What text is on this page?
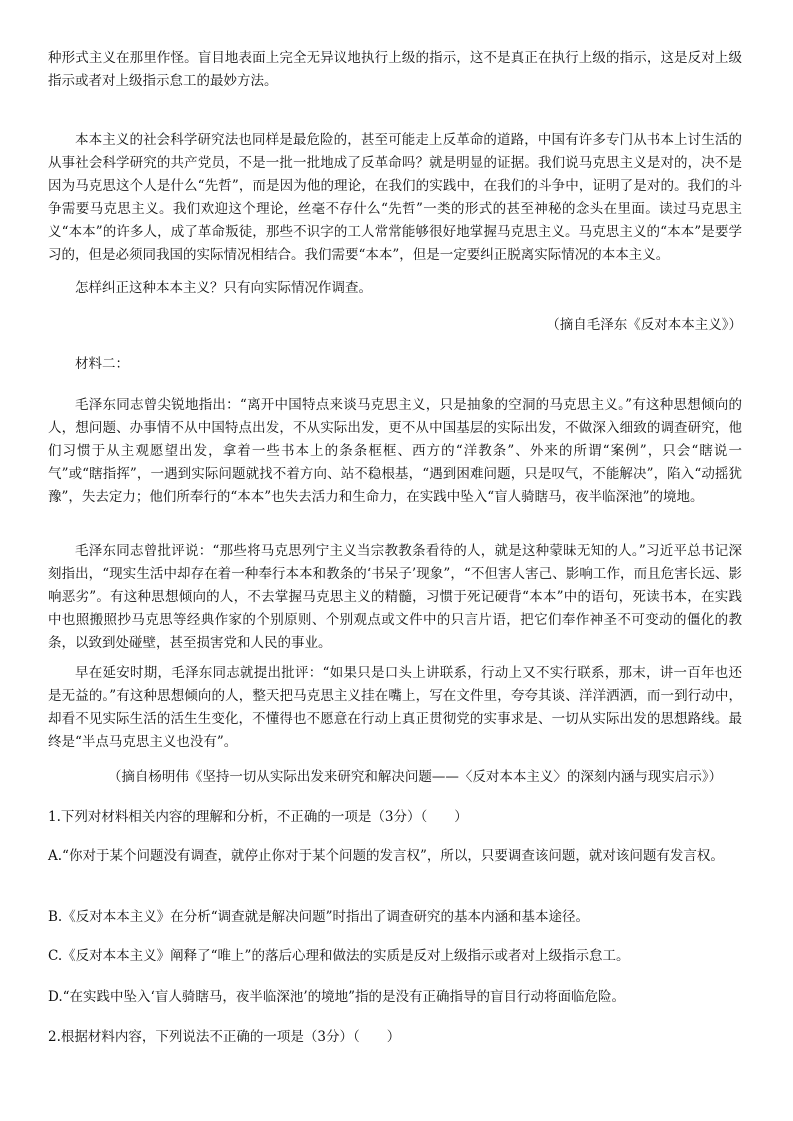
种形式主义在那里作怪。盲目地表面上完全无异议地执行上级的指示，这不是真正在执行上级的指示，这是反对上级指示或者对上级指示怠工的最妙方法。

本本主义的社会科学研究法也同样是最危险的，甚至可能走上反革命的道路，中国有许多专门从书本上讨生活的从事社会科学研究的共产党员，不是一批一批地成了反革命吗？就是明显的证据。我们说马克思主义是对的，决不是因为马克思这个人是什么“先哲”，而是因为他的理论，在我们的实践中，在我们的斗争中，证明了是对的。我们的斗争需要马克思主义。我们欢迎这个理论，丝毫不存什么“先哲”一类的形式的甚至神秘的念头在里面。读过马克思主义“本本”的许多人，成了革命叛徒，那些不识字的工人常常能够很好地掌握马克思主义。马克思主义的“本本”是要学习的，但是必须同我国的实际情况相结合。我们需要“本本”，但是一定要纠正脱离实际情况的本本主义。

怎样纠正这种本本主义？只有向实际情况作调查。

（摘自毛泽东《反对本本主义》）

材料二：

毛泽东同志曾尖锐地指出：“离开中国特点来谈马克思主义，只是抽象的空洞的马克思主义。”有这种思想倾向的人，想问题、办事情不从中国特点出发，不从实际出发，更不从中国基层的实际出发，不做深入细致的调查研究，他们习惯于从主观愿望出发，拿着一些书本上的条条框框、西方的“洋教条”、外来的所谓“案例”，只会“瞎说一气”或“瞎指挥”，一遇到实际问题就找不着方向、站不稳根基，“遇到困难问题，只是叹气，不能解决”，陷入“动摇犹豫”，失去定力；他们所奉行的“本本”也失去活力和生命力，在实践中坠入“盲人骑瞎马，夜半临深池”的境地。

毛泽东同志曾批评说：“那些将马克思列宁主义当宗教教条看待的人，就是这种蒙昧无知的人。”习近平总书记深刻指出，“现实生活中却存在着一种奉行本本和教条的‘书呆子’现象”，“不但害人害己、影响工作，而且危害长远、影响恶劣”。有这种思想倾向的人，不去掌握马克思主义的精髓，习惯于死记硬背“本本”中的语句，死读书本，在实践中也照搬照抄马克思等经典作家的个别原则、个别观点或文件中的只言片语，把它们奉作神圣不可变动的僵化的教条，以致到处碰壁，甚至损害党和人民的事业。

早在延安时期，毛泽东同志就提出批评：“如果只是口头上讲联系，行动上又不实行联系，那末，讲一百年也还是无益的。”有这种思想倾向的人，整天把马克思主义挂在嘴上，写在文件里，夸夸其谈、洋洋洒洒，而一到行动中，却看不见实际生活的活生生变化，不懂得也不愿意在行动上真正贯彻党的实事求是、一切从实际出发的思想路线。最终是“半点马克思主义也没有”。

（摘自杨明伟《坚持一切从实际出发来研究和解决问题——〈反对本本主义〉的深刻内涵与现实启示》）

1.下列对材料相关内容的理解和分析，不正确的一项是（3分）（　　）

A.“你对于某个问题没有调查，就停止你对于某个问题的发言权”，所以，只要调查该问题，就对该问题有发言权。

B.《反对本本主义》在分析“调查就是解决问题”时指出了调查研究的基本内涵和基本途径。

C.《反对本本主义》阐释了“唯上”的落后心理和做法的实质是反对上级指示或者对上级指示怠工。

D.“在实践中坠入‘盲人骑瞎马，夜半临深池’的境地”指的是没有正确指导的盲目行动将面临危险。

2.根据材料内容，下列说法不正确的一项是（3分）（　　）
